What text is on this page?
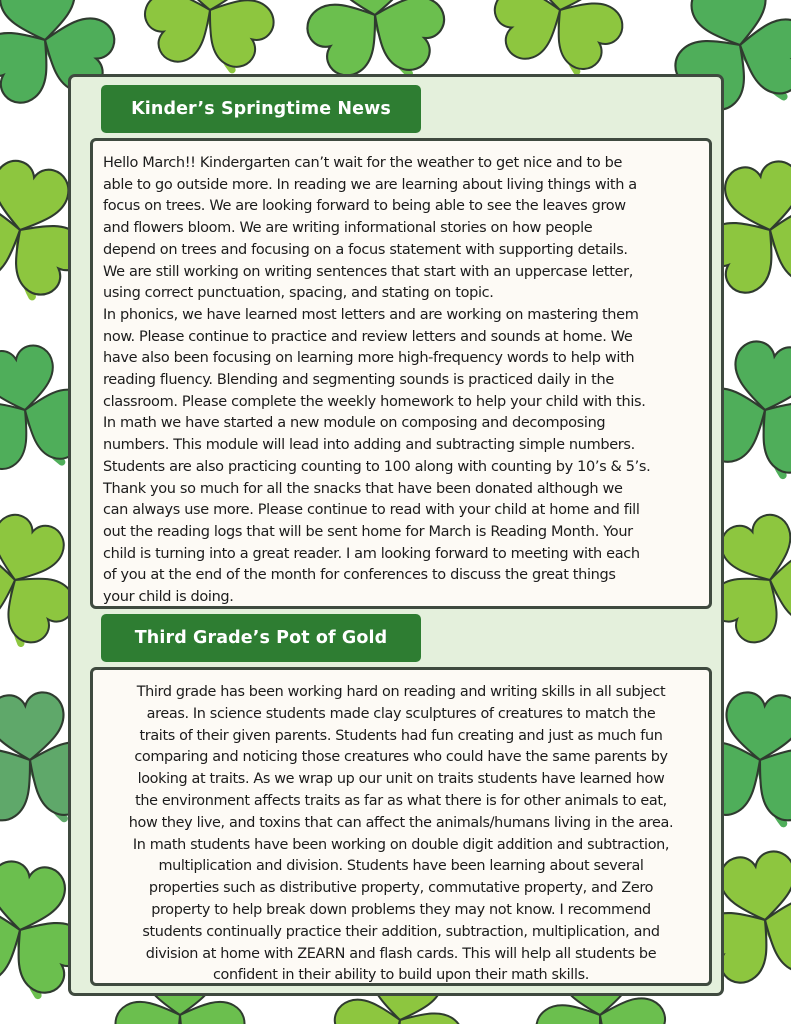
Kinder’s Springtime News
Hello March!! Kindergarten can’t wait for the weather to get nice and to be
able to go outside more. In reading we are learning about living things with a
focus on trees. We are looking forward to being able to see the leaves grow
and flowers bloom. We are writing informational stories on how people
depend on trees and focusing on a focus statement with supporting details.
We are still working on writing sentences that start with an uppercase letter,
using correct punctuation, spacing, and stating on topic.
In phonics, we have learned most letters and are working on mastering them
now. Please continue to practice and review letters and sounds at home. We
have also been focusing on learning more high-frequency words to help with
reading fluency. Blending and segmenting sounds is practiced daily in the
classroom. Please complete the weekly homework to help your child with this.
In math we have started a new module on composing and decomposing
numbers. This module will lead into adding and subtracting simple numbers.
Students are also practicing counting to 100 along with counting by 10’s & 5’s.
Thank you so much for all the snacks that have been donated although we
can always use more. Please continue to read with your child at home and fill
out the reading logs that will be sent home for March is Reading Month. Your
child is turning into a great reader. I am looking forward to meeting with each
of you at the end of the month for conferences to discuss the great things
your child is doing.
Third Grade’s Pot of Gold
Third grade has been working hard on reading and writing skills in all subject
areas. In science students made clay sculptures of creatures to match the
traits of their given parents. Students had fun creating and just as much fun
comparing and noticing those creatures who could have the same parents by
looking at traits. As we wrap up our unit on traits students have learned how
the environment affects traits as far as what there is for other animals to eat,
how they live, and toxins that can affect the animals/humans living in the area.
In math students have been working on double digit addition and subtraction,
multiplication and division. Students have been learning about several
properties such as distributive property, commutative property, and Zero
property to help break down problems they may not know. I recommend
students continually practice their addition, subtraction, multiplication, and
division at home with ZEARN and flash cards. This will help all students be
confident in their ability to build upon their math skills.
